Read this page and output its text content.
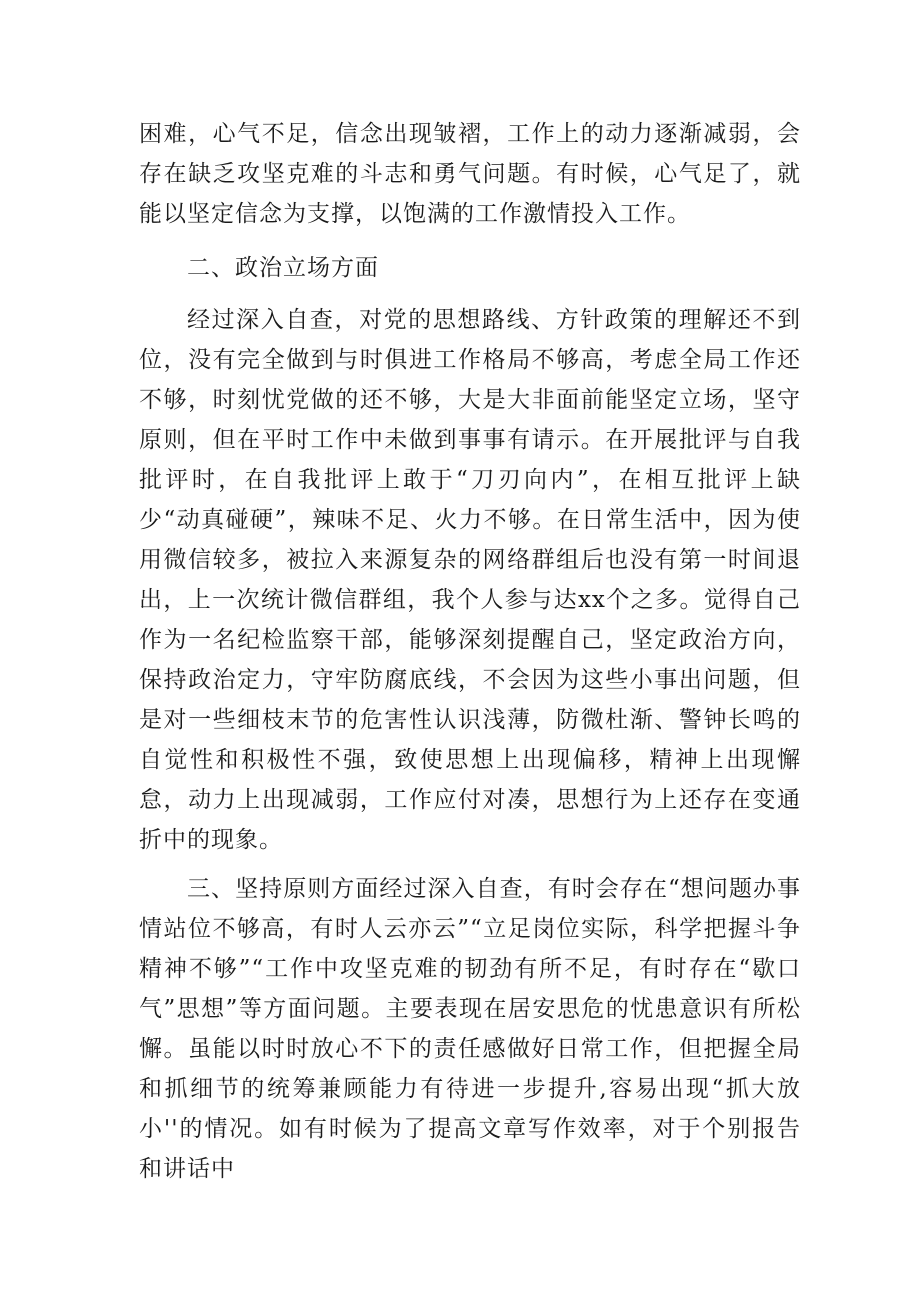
困难，心气不足，信念出现皱褶，工作上的动力逐渐减弱，会存在缺乏攻坚克难的斗志和勇气问题。有时候，心气足了，就能以坚定信念为支撑，以饱满的工作激情投入工作。

二、政治立场方面

经过深入自查，对党的思想路线、方针政策的理解还不到位，没有完全做到与时俱进工作格局不够高，考虑全局工作还不够，时刻忧党做的还不够，大是大非面前能坚定立场，坚守原则，但在平时工作中未做到事事有请示。在开展批评与自我批评时，在自我批评上敢于“刀刃向内”，在相互批评上缺少“动真碰硬”，辣味不足、火力不够。在日常生活中，因为使用微信较多，被拉入来源复杂的网络群组后也没有第一时间退出，上一次统计微信群组，我个人参与达xx个之多。觉得自己作为一名纪检监察干部，能够深刻提醒自己，坚定政治方向，保持政治定力，守牢防腐底线，不会因为这些小事出问题，但是对一些细枝末节的危害性认识浅薄，防微杜渐、警钟长鸣的自觉性和积极性不强，致使思想上出现偏移，精神上出现懈怠，动力上出现减弱，工作应付对凑，思想行为上还存在变通折中的现象。

三、坚持原则方面经过深入自查，有时会存在“想问题办事情站位不够高，有时人云亦云”“立足岗位实际，科学把握斗争精神不够”“工作中攻坚克难的韧劲有所不足，有时存在“歇口气”思想”等方面问题。主要表现在居安思危的忧患意识有所松懈。虽能以时时放心不下的责任感做好日常工作，但把握全局和抓细节的统筹兼顾能力有待进一步提升,容易出现“抓大放小''的情况。如有时候为了提高文章写作效率，对于个别报告和讲话中
